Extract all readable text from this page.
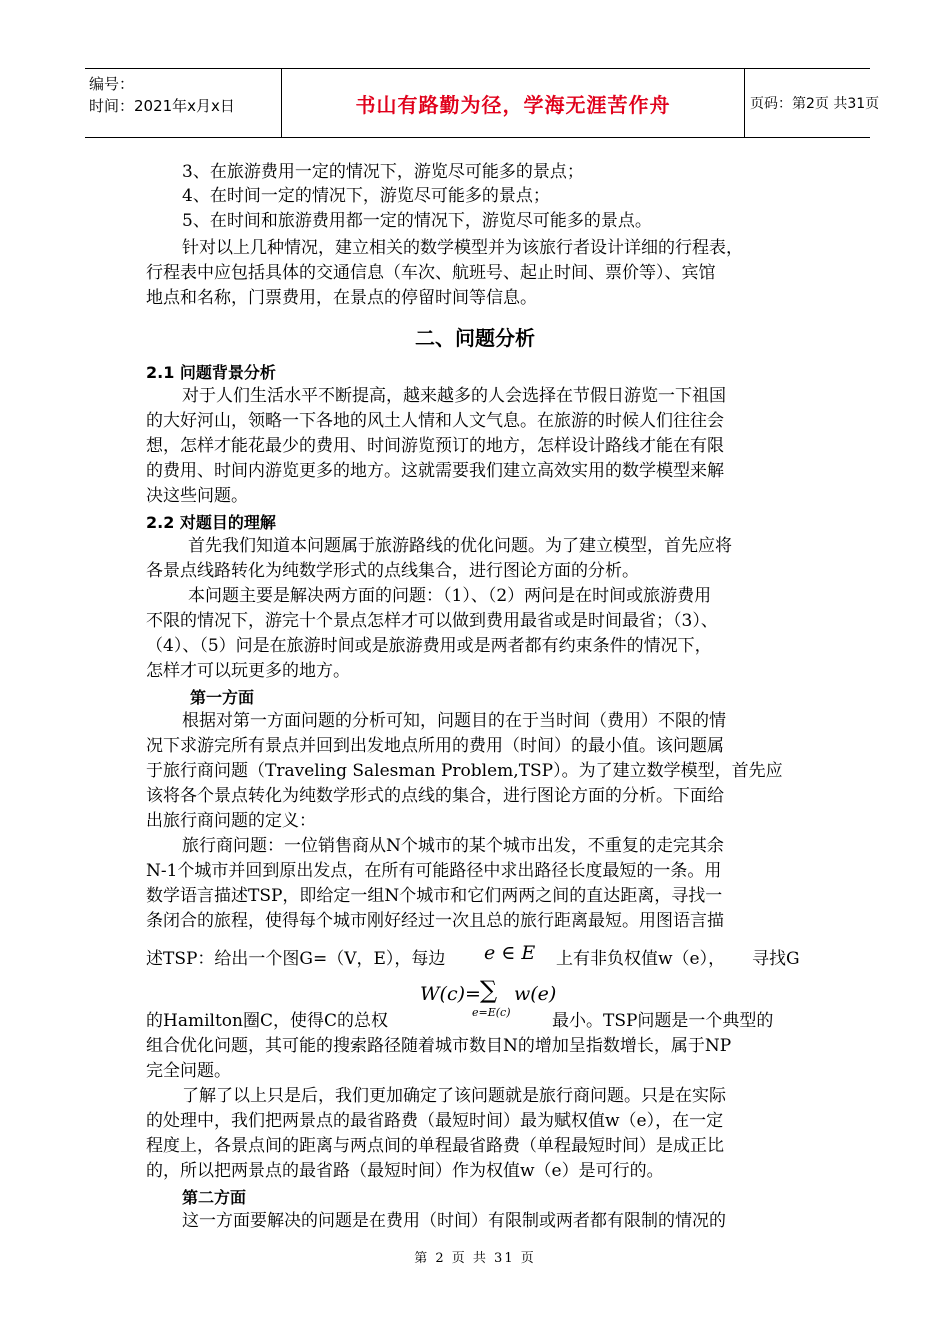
编号：
时间：2021年x月x日	书山有路勤为径，学海无涯苦作舟	页码：第2页 共31页
3、在旅游费用一定的情况下，游览尽可能多的景点；
4、在时间一定的情况下，游览尽可能多的景点；
5、在时间和旅游费用都一定的情况下，游览尽可能多的景点。
针对以上几种情况，建立相关的数学模型并为该旅行者设计详细的行程表，
行程表中应包括具体的交通信息（车次、航班号、起止时间、票价等）、宾馆
地点和名称，门票费用，在景点的停留时间等信息。
二、问题分析
2.1 问题背景分析
对于人们生活水平不断提高，越来越多的人会选择在节假日游览一下祖国
的大好河山，领略一下各地的风土人情和人文气息。在旅游的时候人们往往会
想，怎样才能花最少的费用、时间游览预订的地方，怎样设计路线才能在有限
的费用、时间内游览更多的地方。这就需要我们建立高效实用的数学模型来解
决这些问题。
2.2 对题目的理解
首先我们知道本问题属于旅游路线的优化问题。为了建立模型，首先应将
各景点线路转化为纯数学形式的点线集合，进行图论方面的分析。
本问题主要是解决两方面的问题：（1）、（2）两问是在时间或旅游费用
不限的情况下，游完十个景点怎样才可以做到费用最省或是时间最省；（3）、
（4）、（5）问是在旅游时间或是旅游费用或是两者都有约束条件的情况下，
怎样才可以玩更多的地方。
第一方面
根据对第一方面问题的分析可知，问题目的在于当时间（费用）不限的情
况下求游完所有景点并回到出发地点所用的费用（时间）的最小值。该问题属
于旅行商问题（Traveling Salesman Problem,TSP）。为了建立数学模型，首先应
该将各个景点转化为纯数学形式的点线的集合，进行图论方面的分析。下面给
出旅行商问题的定义：
旅行商问题：一位销售商从N个城市的某个城市出发，不重复的走完其余
N-1个城市并回到原出发点，在所有可能路径中求出路径长度最短的一条。用
数学语言描述TSP，即给定一组N个城市和它们两两之间的直达距离，寻找一
条闭合的旅程，使得每个城市刚好经过一次且总的旅行距离最短。用图语言描
述TSP：给出一个图G=（V，E），每边 e ∈ E 上有非负权值w（e）， 寻找G
W(c)= ∑
e=E(c)
w(e)
的Hamilton圈C，使得C的总权	最小。TSP问题是一个典型的
组合优化问题，其可能的搜索路径随着城市数目N的增加呈指数增长，属于NP
完全问题。
了解了以上只是后，我们更加确定了该问题就是旅行商问题。只是在实际
的处理中，我们把两景点的最省路费（最短时间）最为赋权值w（e），在一定
程度上，各景点间的距离与两点间的单程最省路费（单程最短时间）是成正比
的，所以把两景点的最省路（最短时间）作为权值w（e）是可行的。
第二方面
这一方面要解决的问题是在费用（时间）有限制或两者都有限制的情况的
第 2 页 共 31 页
